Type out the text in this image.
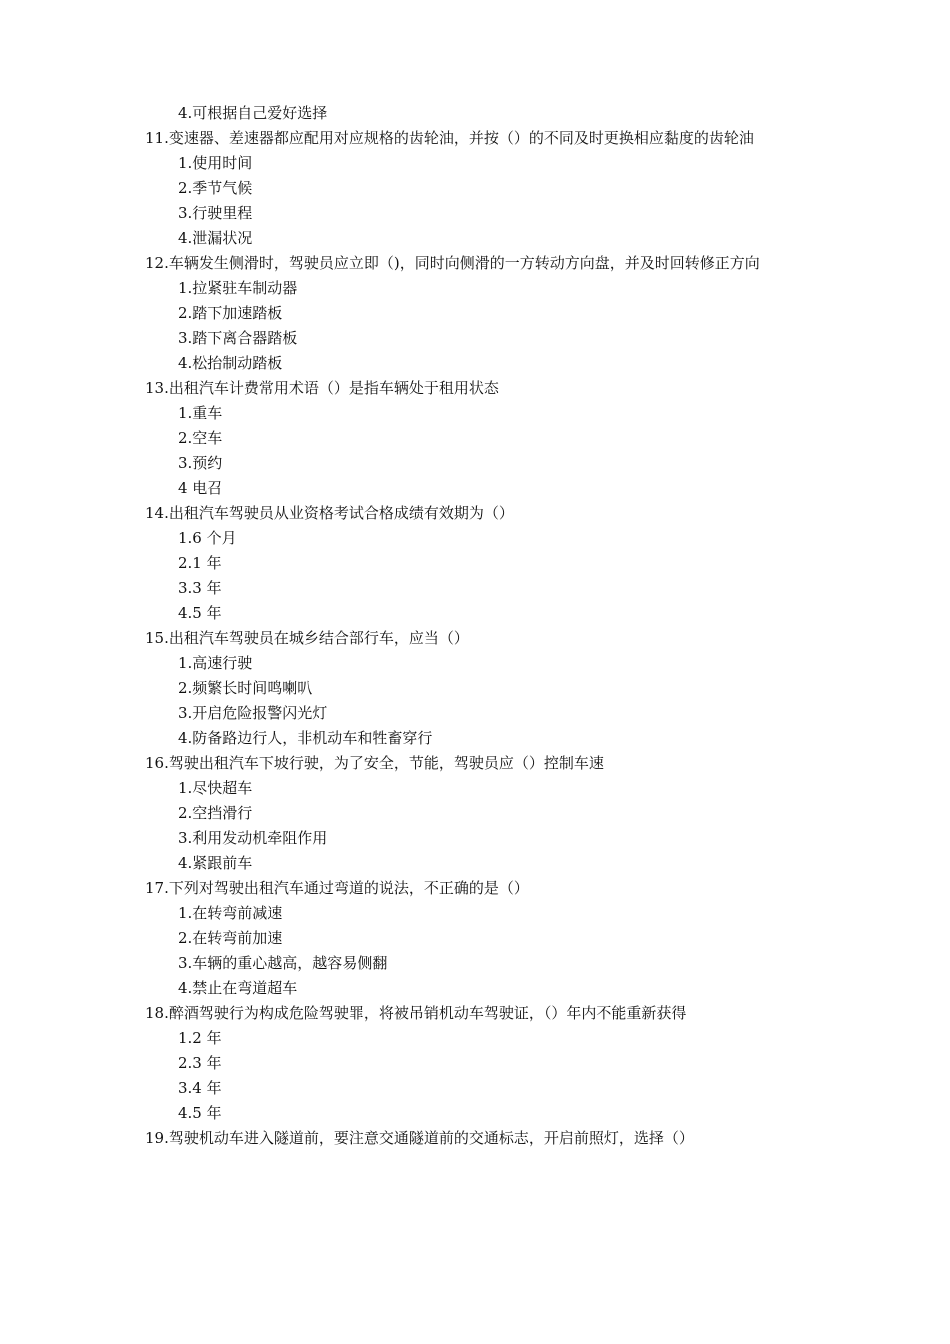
4.可根据自己爱好选择
11.变速器、差速器都应配用对应规格的齿轮油，并按（）的不同及时更换相应黏度的齿轮油
1.使用时间
2.季节气候
3.行驶里程
4.泄漏状况
12.车辆发生侧滑时，驾驶员应立即（)，同时向侧滑的一方转动方向盘，并及时回转修正方向
1.拉紧驻车制动器
2.踏下加速踏板
3.踏下离合器踏板
4.松抬制动踏板
13.出租汽车计费常用术语（）是指车辆处于租用状态
1.重车
2.空车
3.预约
4 电召
14.出租汽车驾驶员从业资格考试合格成绩有效期为（）
1.6 个月
2.1 年
3.3 年
4.5 年
15.出租汽车驾驶员在城乡结合部行车，应当（）
1.高速行驶
2.频繁长时间鸣喇叭
3.开启危险报警闪光灯
4.防备路边行人，非机动车和牲畜穿行
16.驾驶出租汽车下坡行驶，为了安全，节能，驾驶员应（）控制车速
1.尽快超车
2.空挡滑行
3.利用发动机牵阻作用
4.紧跟前车
17.下列对驾驶出租汽车通过弯道的说法，不正确的是（）
1.在转弯前减速
2.在转弯前加速
3.车辆的重心越高，越容易侧翻
4.禁止在弯道超车
18.醉酒驾驶行为构成危险驾驶罪，将被吊销机动车驾驶证，（）年内不能重新获得
1.2 年
2.3 年
3.4 年
4.5 年
19.驾驶机动车进入隧道前，要注意交通隧道前的交通标志，开启前照灯，选择（）
